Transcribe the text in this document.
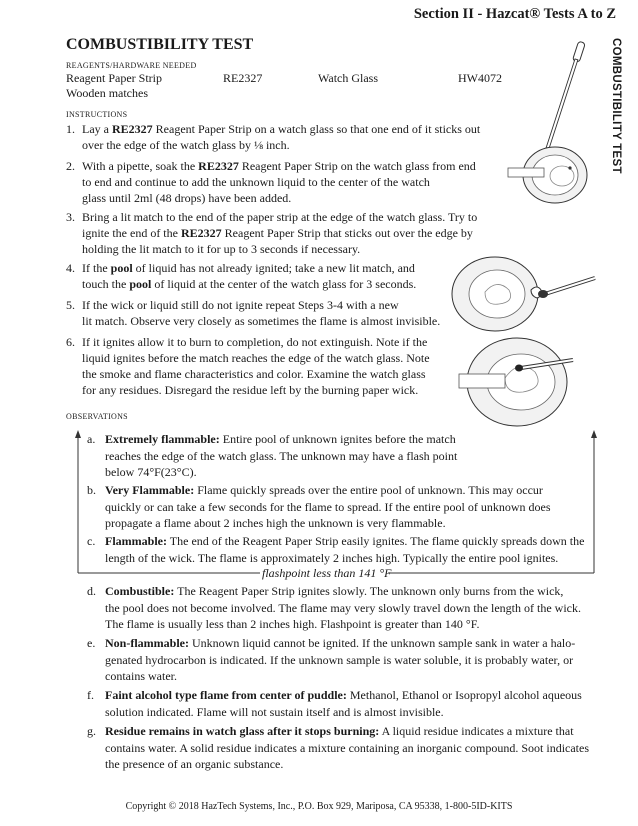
Section II - Hazcat® Tests A to Z
COMBUSTIBILITY TEST
COMBUSTIBILITY TEST
REAGENTS/HARDWARE NEEDED
Reagent Paper Strip	RE2327	Watch Glass	HW4072
Wooden matches
INSTRUCTIONS
1. Lay a RE2327 Reagent Paper Strip on a watch glass so that one end of it sticks out
over the edge of the watch glass by ⅛ inch.
2. With a pipette, soak the RE2327 Reagent Paper Strip on the watch glass from end
to end and continue to add the unknown liquid to the center of the watch
glass until 2ml (48 drops) have been added.
3. Bring a lit match to the end of the paper strip at the edge of the watch glass. Try to
ignite the end of the RE2327 Reagent Paper Strip that sticks out over the edge by
holding the lit match to it for up to 3 seconds if necessary.
4. If the pool of liquid has not already ignited; take a new lit match, and
touch the pool of liquid at the center of the watch glass for 3 seconds.
5. If the wick or liquid still do not ignite repeat Steps 3-4 with a new
lit match. Observe very closely as sometimes the flame is almost invisible.
6. If it ignites allow it to burn to completion, do not extinguish. Note if the
liquid ignites before the match reaches the edge of the watch glass. Note
the smoke and flame characteristics and color. Examine the watch glass
for any residues. Disregard the residue left by the burning paper wick.
OBSERVATIONS
flashpoint less than 141 °F
a. Extremely flammable: Entire pool of unknown ignites before the match
reaches the edge of the watch glass. The unknown may have a flash point
below 74°F(23°C).
b. Very Flammable: Flame quickly spreads over the entire pool of unknown. This may occur
quickly or can take a few seconds for the flame to spread. If the entire pool of unknown does
propagate a flame about 2 inches high the unknown is very flammable.
c. Flammable: The end of the Reagent Paper Strip easily ignites. The flame quickly spreads down the
length of the wick. The flame is approximately 2 inches high. Typically the entire pool ignites.
d. Combustible: The Reagent Paper Strip ignites slowly. The unknown only burns from the wick,
the pool does not become involved. The flame may very slowly travel down the length of the wick.
The flame is usually less than 2 inches high. Flashpoint is greater than 140 °F.
e. Non-flammable: Unknown liquid cannot be ignited. If the unknown sample sank in water a halo-
genated hydrocarbon is indicated. If the unknown sample is water soluble, it is probably water, or
contains water.
f. Faint alcohol type flame from center of puddle: Methanol, Ethanol or Isopropyl alcohol aqueous
solution indicated. Flame will not sustain itself and is almost invisible.
g. Residue remains in watch glass after it stops burning: A liquid residue indicates a mixture that
contains water. A solid residue indicates a mixture containing an inorganic compound. Soot indicates
the presence of an organic substance.
Copyright © 2018 HazTech Systems, Inc., P.O. Box 929, Mariposa, CA 95338, 1-800-5ID-KITS
